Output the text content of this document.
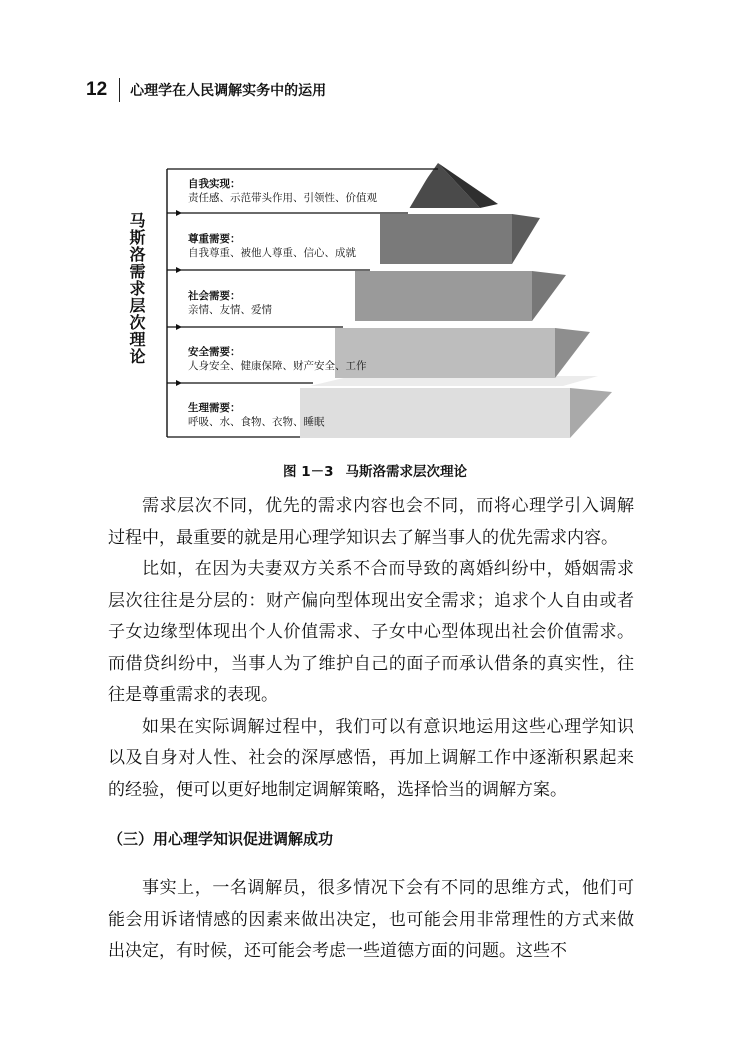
12 心理学在人民调解实务中的运用
马斯洛需求层次理论
自我实现：
责任感、示范带头作用、引领性、价值观
尊重需要：
自我尊重、被他人尊重、信心、成就
社会需要：
亲情、友情、爱情
安全需要：
人身安全、健康保障、财产安全、工作
生理需要：
呼吸、水、食物、衣物、睡眠
图 1－3 马斯洛需求层次理论

需求层次不同，优先的需求内容也会不同，而将心理学引入调解过程中，最重要的就是用心理学知识去了解当事人的优先需求内容。

比如，在因为夫妻双方关系不合而导致的离婚纠纷中，婚姻需求层次往往是分层的：财产偏向型体现出安全需求；追求个人自由或者子女边缘型体现出个人价值需求、子女中心型体现出社会价值需求。而借贷纠纷中，当事人为了维护自己的面子而承认借条的真实性，往往是尊重需求的表现。

如果在实际调解过程中，我们可以有意识地运用这些心理学知识以及自身对人性、社会的深厚感悟，再加上调解工作中逐渐积累起来的经验，便可以更好地制定调解策略，选择恰当的调解方案。

（三）用心理学知识促进调解成功

事实上，一名调解员，很多情况下会有不同的思维方式，他们可能会用诉诸情感的因素来做出决定，也可能会用非常理性的方式来做出决定，有时候，还可能会考虑一些道德方面的问题。这些不
